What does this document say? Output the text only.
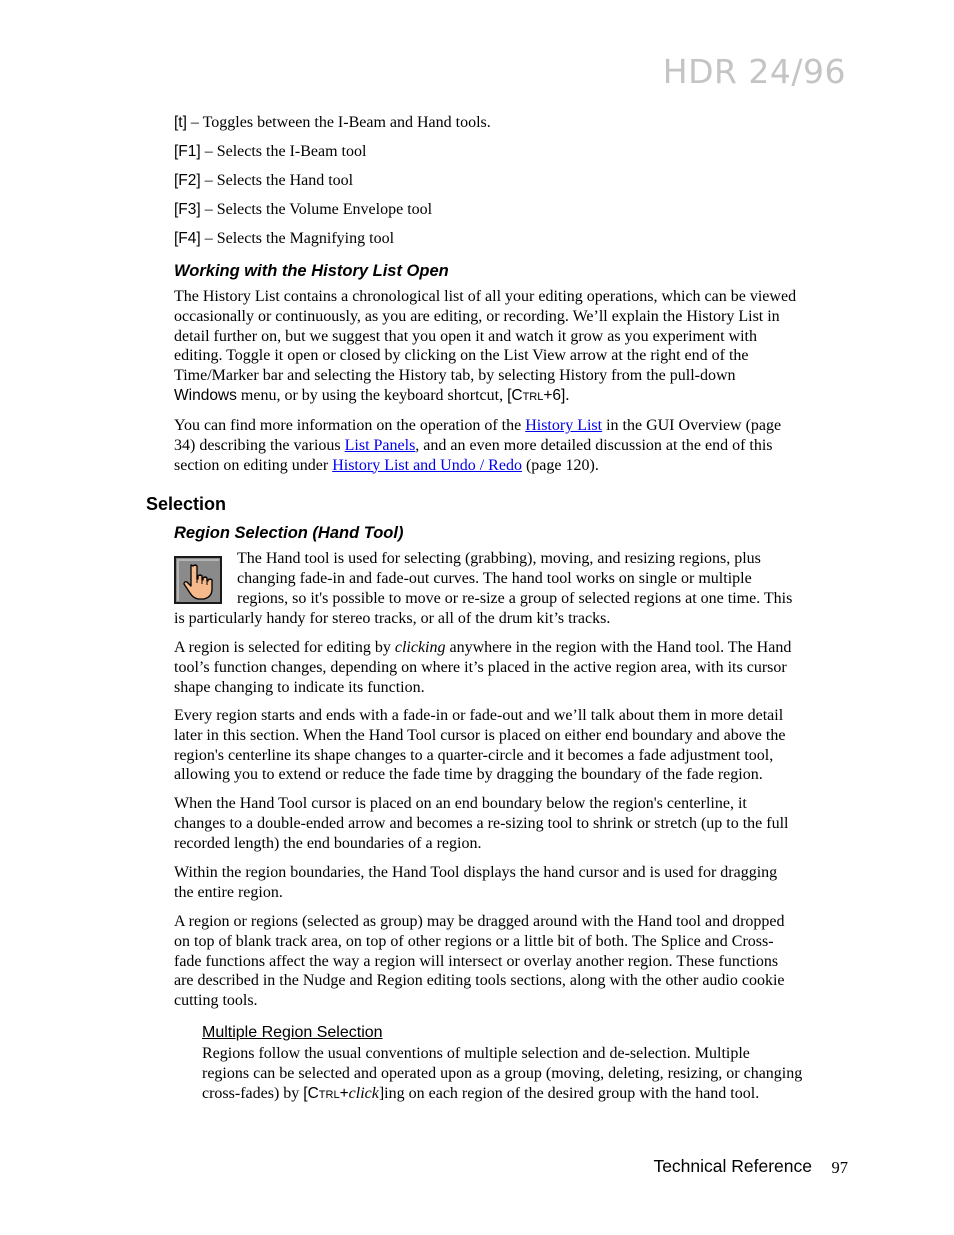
HDR 24/96
[t] – Toggles between the I-Beam and Hand tools.
[F1] – Selects the I-Beam tool
[F2] – Selects the Hand tool
[F3] – Selects the Volume Envelope tool
[F4] – Selects the Magnifying tool
Working with the History List Open

The History List contains a chronological list of all your editing operations, which can be viewed

occasionally or continuously, as you are editing, or recording. We’ll explain the History List in

detail further on, but we suggest that you open it and watch it grow as you experiment with

editing. Toggle it open or closed by clicking on the List View arrow at the right end of the

Time/Marker bar and selecting the History tab, by selecting History from the pull-down

Windows menu, or by using the keyboard shortcut, [CTRL+6].

You can find more information on the operation of the History List in the GUI Overview (page

34) describing the various List Panels, and an even more detailed discussion at the end of this

section on editing under History List and Undo / Redo (page 120).

Selection
Region Selection (Hand Tool)
The Hand tool is used for selecting (grabbing), moving, and resizing regions, plus
changing fade-in and fade-out curves. The hand tool works on single or multiple
regions, so it's possible to move or re-size a group of selected regions at one time. This

is particularly handy for stereo tracks, or all of the drum kit’s tracks.

A region is selected for editing by clicking anywhere in the region with the Hand tool. The Hand

tool’s function changes, depending on where it’s placed in the active region area, with its cursor

shape changing to indicate its function.

Every region starts and ends with a fade-in or fade-out and we’ll talk about them in more detail

later in this section. When the Hand Tool cursor is placed on either end boundary and above the

region's centerline its shape changes to a quarter-circle and it becomes a fade adjustment tool,

allowing you to extend or reduce the fade time by dragging the boundary of the fade region.

When the Hand Tool cursor is placed on an end boundary below the region's centerline, it

changes to a double-ended arrow and becomes a re-sizing tool to shrink or stretch (up to the full

recorded length) the end boundaries of a region.

Within the region boundaries, the Hand Tool displays the hand cursor and is used for dragging

the entire region.

A region or regions (selected as group) may be dragged around with the Hand tool and dropped

on top of blank track area, on top of other regions or a little bit of both. The Splice and Cross-

fade functions affect the way a region will intersect or overlay another region. These functions

are described in the Nudge and Region editing tools sections, along with the other audio cookie

cutting tools.

Multiple Region Selection
Regions follow the usual conventions of multiple selection and de-selection. Multiple
regions can be selected and operated upon as a group (moving, deleting, resizing, or changing
cross-fades) by [CTRL+click]ing on each region of the desired group with the hand tool.
Technical Reference 97
